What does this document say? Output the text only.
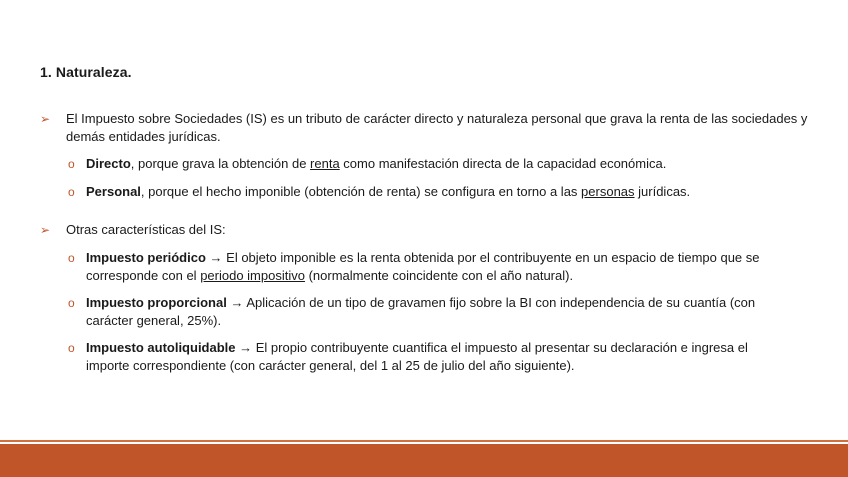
1. Naturaleza.
➢	El Impuesto sobre Sociedades (IS) es un tributo de carácter directo y naturaleza personal que grava la renta de las sociedades y demás entidades jurídicas.
o Directo, porque grava la obtención de renta como manifestación directa de la capacidad económica.
o Personal, porque el hecho imponible (obtención de renta) se configura en torno a las personas jurídicas.
➢	Otras características del IS:
o Impuesto periódico → El objeto imponible es la renta obtenida por el contribuyente en un espacio de tiempo que se corresponde con el periodo impositivo (normalmente coincidente con el año natural).
o Impuesto proporcional → Aplicación de un tipo de gravamen fijo sobre la BI con independencia de su cuantía (con carácter general, 25%).
o Impuesto autoliquidable → El propio contribuyente cuantifica el impuesto al presentar su declaración e ingresa el importe correspondiente (con carácter general, del 1 al 25 de julio del año siguiente).
